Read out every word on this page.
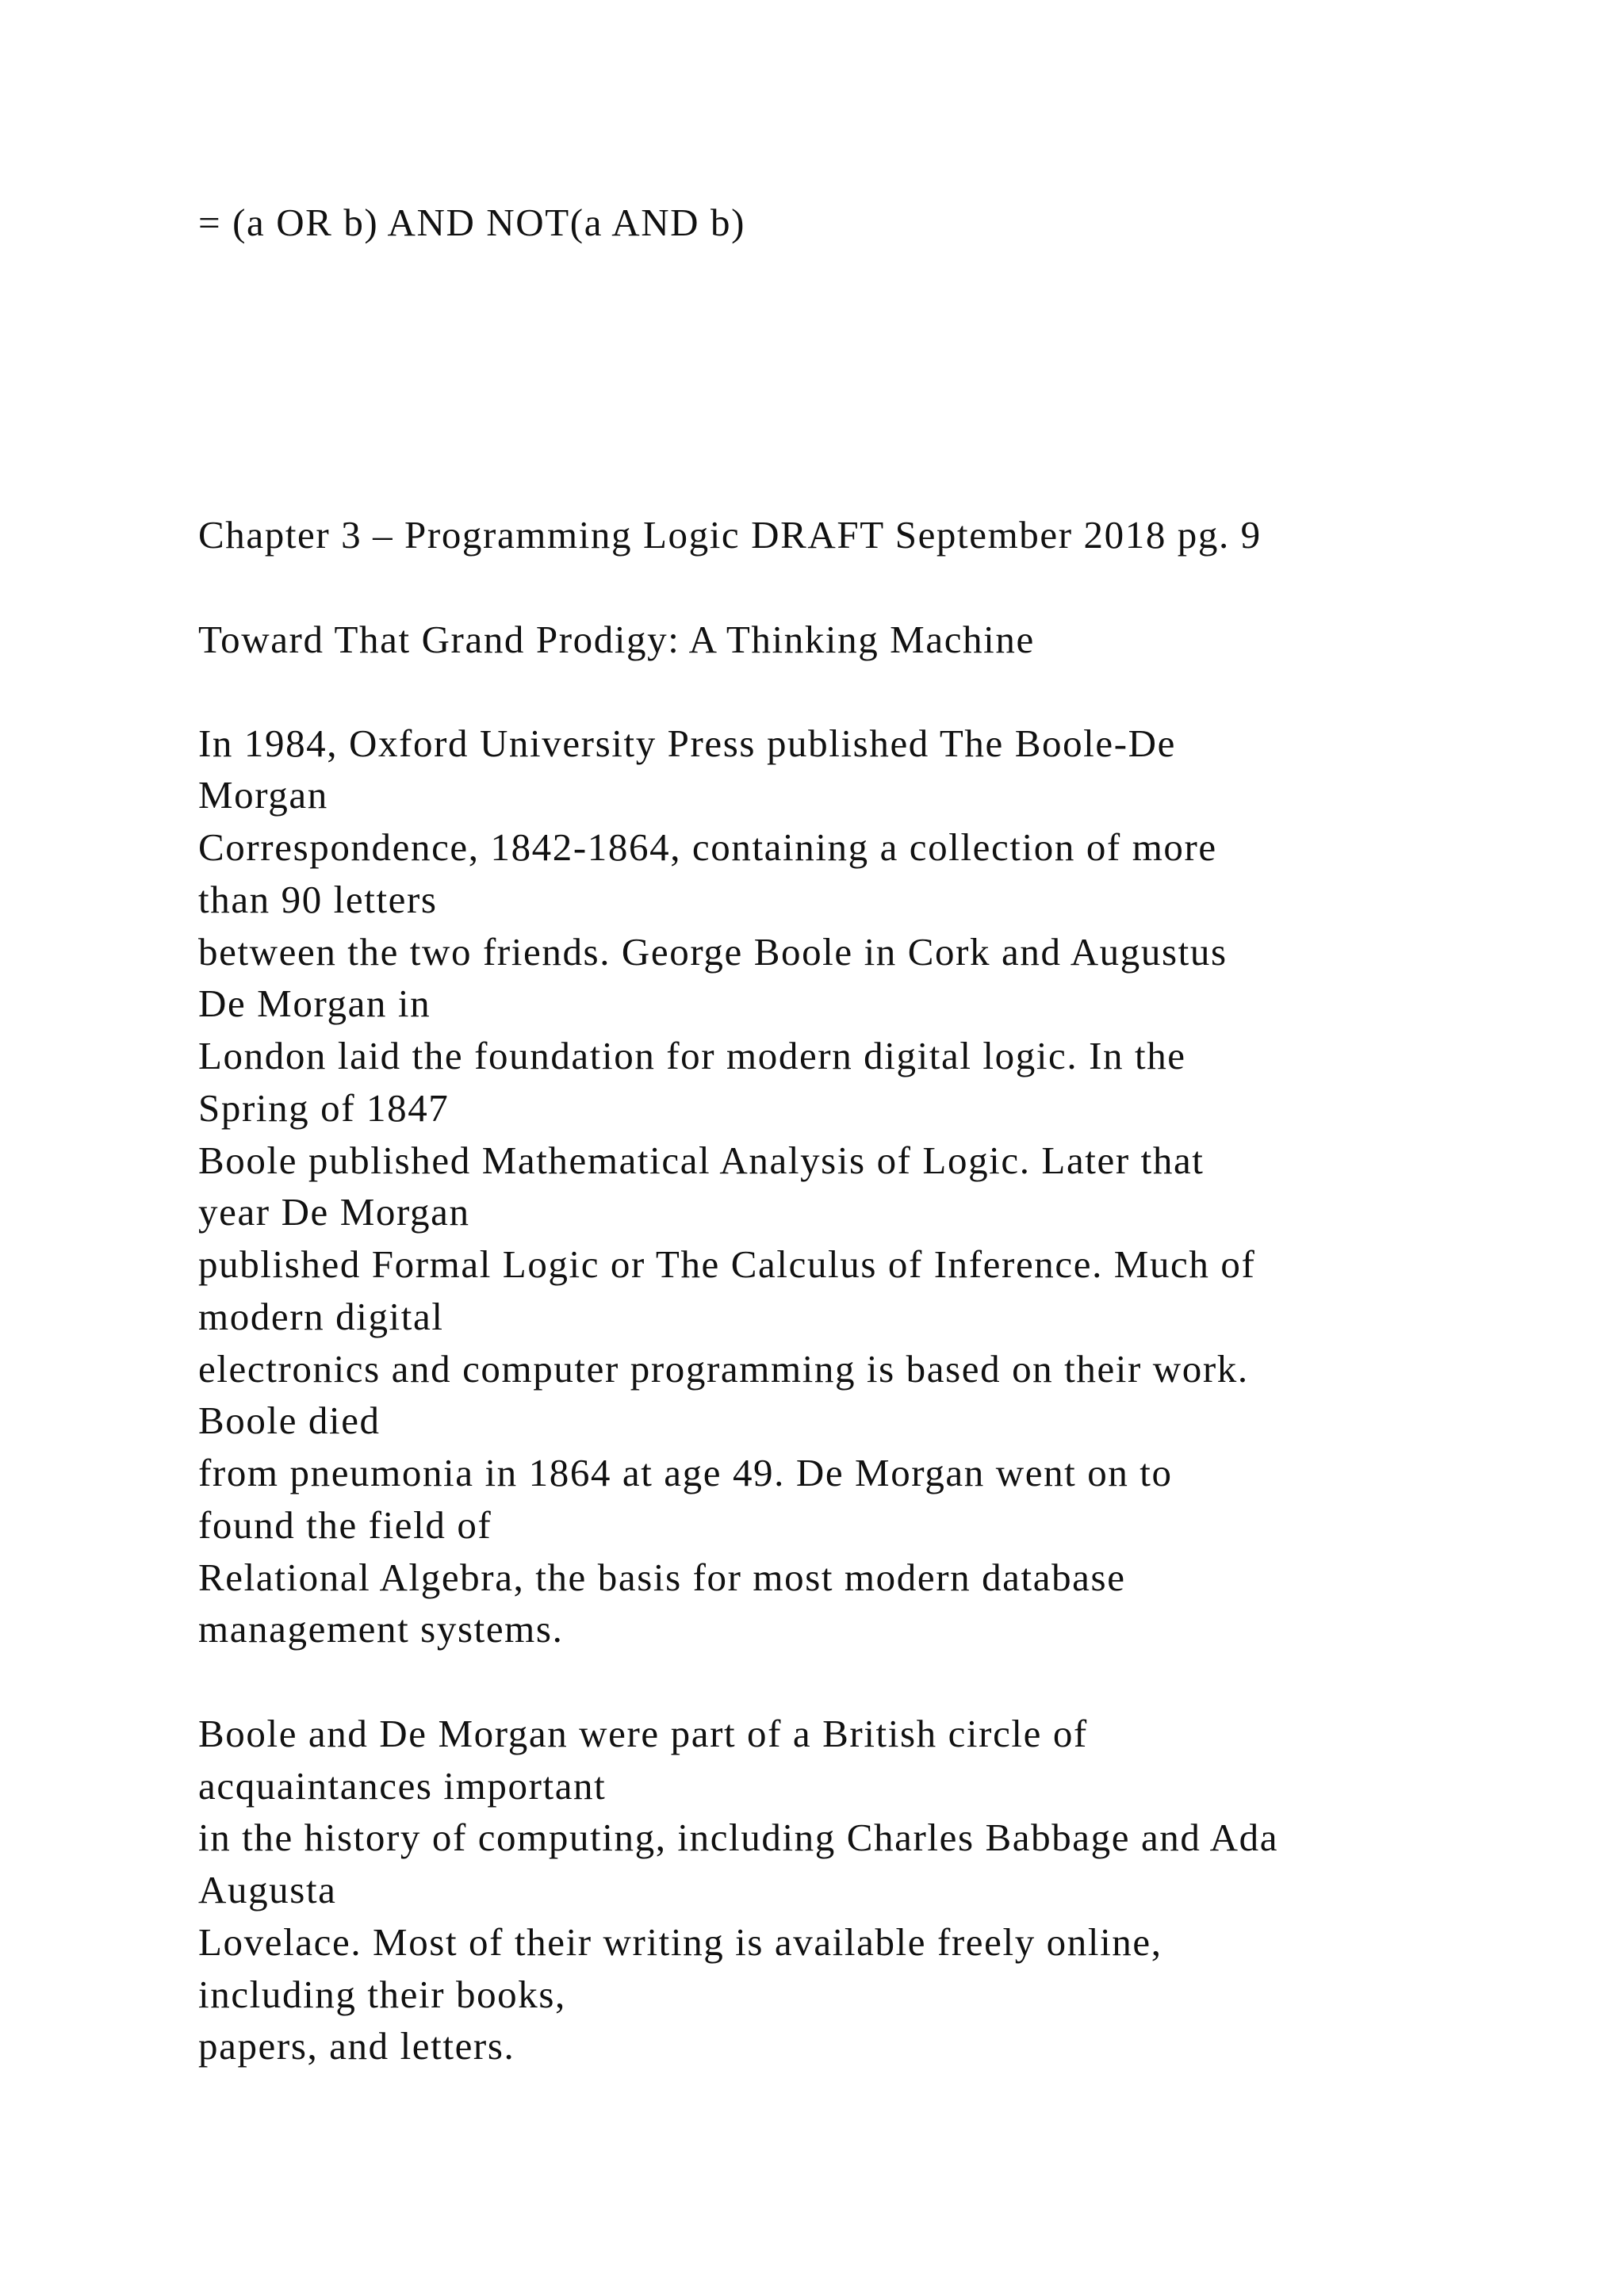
= (a OR b) AND NOT(a AND b)

Chapter 3 – Programming Logic DRAFT September 2018 pg. 9

Toward That Grand Prodigy: A Thinking Machine

In 1984, Oxford University Press published The Boole-De

Morgan

Correspondence, 1842-1864, containing a collection of more

than 90 letters

between the two friends. George Boole in Cork and Augustus

De Morgan in

London laid the foundation for modern digital logic. In the

Spring of 1847

Boole published Mathematical Analysis of Logic. Later that

year De Morgan

published Formal Logic or The Calculus of Inference. Much of

modern digital

electronics and computer programming is based on their work.

Boole died

from pneumonia in 1864 at age 49. De Morgan went on to

found the field of

Relational Algebra, the basis for most modern database

management systems.

Boole and De Morgan were part of a British circle of

acquaintances important

in the history of computing, including Charles Babbage and Ada

Augusta

Lovelace. Most of their writing is available freely online,

including their books,

papers, and letters.
